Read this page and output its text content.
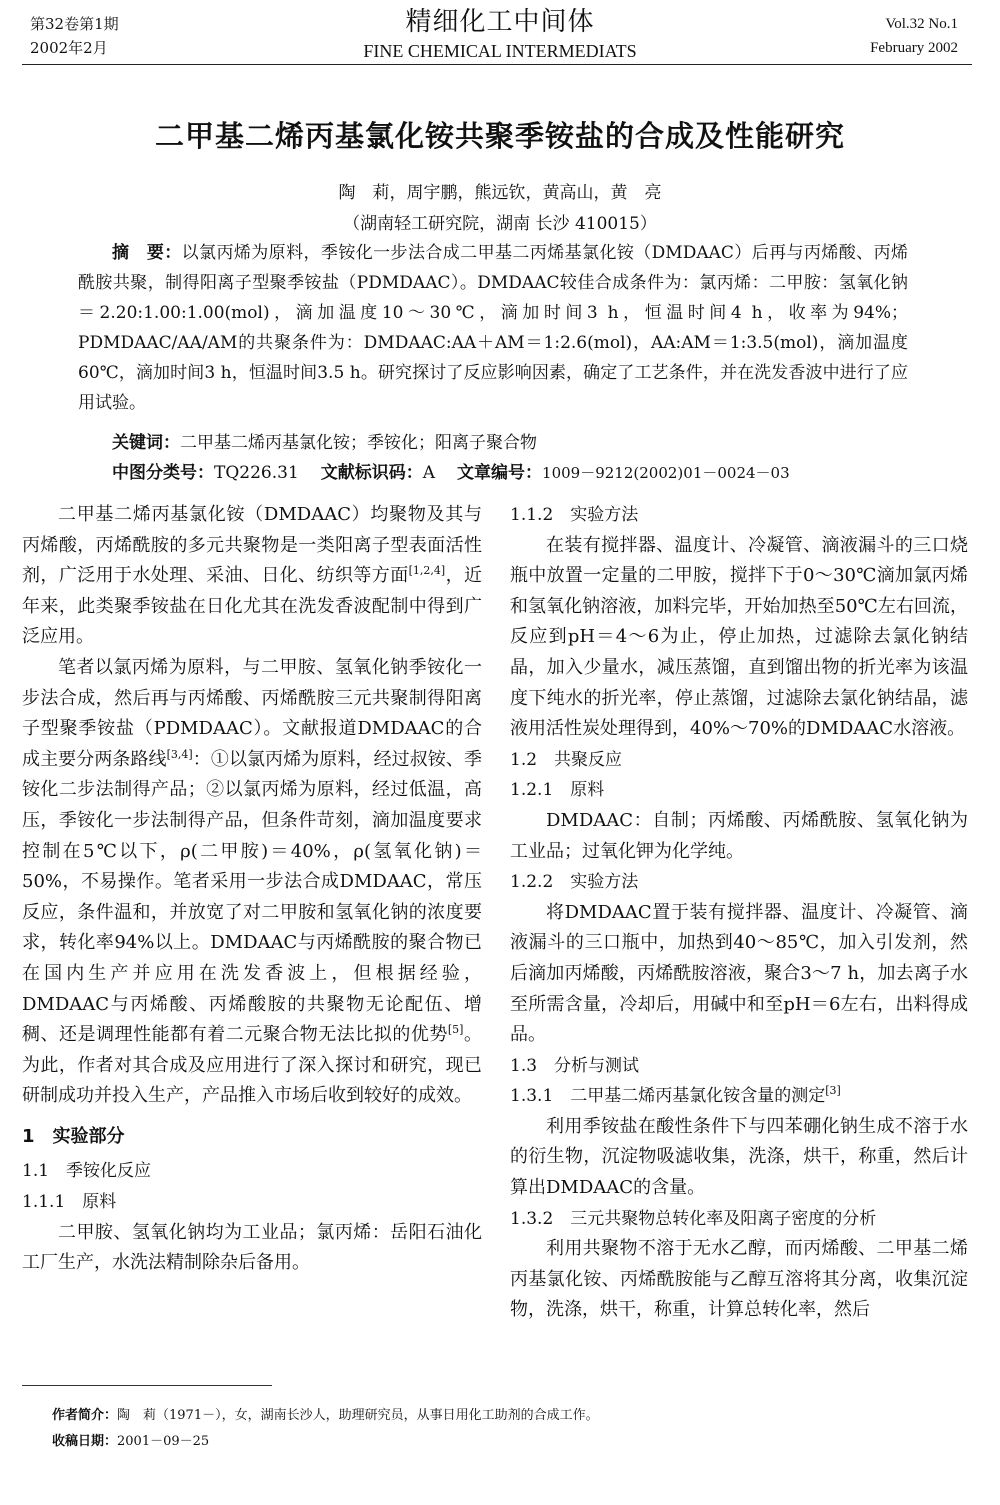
第32卷第1期
2002年2月
精细化工中间体
FINE CHEMICAL INTERMEDIATS
Vol.32 No.1
February 2002
二甲基二烯丙基氯化铵共聚季铵盐的合成及性能研究
陶　莉，周宇鹏，熊远钦，黄高山，黄　亮
（湖南轻工研究院，湖南 长沙 410015）

摘　要：以氯丙烯为原料，季铵化一步法合成二甲基二丙烯基氯化铵（DMDAAC）后再与丙烯酸、丙烯酰胺共聚，制得阳离子型聚季铵盐（PDMDAAC）。DMDAAC较佳合成条件为：氯丙烯：二甲胺：氢氧化钠＝2.20:1.00:1.00(mol)，滴加温度10～30℃，滴加时间3 h，恒温时间4 h，收率为94%；PDMDAAC/AA/AM的共聚条件为：DMDAAC:AA＋AM＝1:2.6(mol)，AA:AM＝1:3.5(mol)，滴加温度60℃，滴加时间3 h，恒温时间3.5 h。研究探讨了反应影响因素，确定了工艺条件，并在洗发香波中进行了应用试验。

关键词：二甲基二烯丙基氯化铵；季铵化；阳离子聚合物
中图分类号：TQ226.31 文献标识码：A 文章编号：1009－9212(2002)01－0024－03

二甲基二烯丙基氯化铵（DMDAAC）均聚物及其与丙烯酸，丙烯酰胺的多元共聚物是一类阳离子型表面活性剂，广泛用于水处理、采油、日化、纺织等方面[1,2,4]，近年来，此类聚季铵盐在日化尤其在洗发香波配制中得到广泛应用。

笔者以氯丙烯为原料，与二甲胺、氢氧化钠季铵化一步法合成，然后再与丙烯酸、丙烯酰胺三元共聚制得阳离子型聚季铵盐（PDMDAAC）。文献报道DMDAAC的合成主要分两条路线[3,4]：①以氯丙烯为原料，经过叔铵、季铵化二步法制得产品；②以氯丙烯为原料，经过低温，高压，季铵化一步法制得产品，但条件苛刻，滴加温度要求控制在5℃以下，ρ(二甲胺)＝40%，ρ(氢氧化钠)＝50%，不易操作。笔者采用一步法合成DMDAAC，常压反应，条件温和，并放宽了对二甲胺和氢氧化钠的浓度要求，转化率94%以上。DMDAAC与丙烯酰胺的聚合物已在国内生产并应用在洗发香波上，但根据经验，DMDAAC与丙烯酸、丙烯酸胺的共聚物无论配伍、增稠、还是调理性能都有着二元聚合物无法比拟的优势[5]。为此，作者对其合成及应用进行了深入探讨和研究，现已研制成功并投入生产，产品推入市场后收到较好的成效。

1　实验部分

1.1　季铵化反应

1.1.1　原料

二甲胺、氢氧化钠均为工业品；氯丙烯：岳阳石油化工厂生产，水洗法精制除杂后备用。

1.1.2　实验方法

在装有搅拌器、温度计、冷凝管、滴液漏斗的三口烧瓶中放置一定量的二甲胺，搅拌下于0～30℃滴加氯丙烯和氢氧化钠溶液，加料完毕，开始加热至50℃左右回流，反应到pH＝4～6为止，停止加热，过滤除去氯化钠结晶，加入少量水，减压蒸馏，直到馏出物的折光率为该温度下纯水的折光率，停止蒸馏，过滤除去氯化钠结晶，滤液用活性炭处理得到，40%～70%的DMDAAC水溶液。

1.2　共聚反应

1.2.1　原料

DMDAAC：自制；丙烯酸、丙烯酰胺、氢氧化钠为工业品；过氧化钾为化学纯。

1.2.2　实验方法

将DMDAAC置于装有搅拌器、温度计、冷凝管、滴液漏斗的三口瓶中，加热到40～85℃，加入引发剂，然后滴加丙烯酸，丙烯酰胺溶液，聚合3～7 h，加去离子水至所需含量，冷却后，用碱中和至pH＝6左右，出料得成品。

1.3　分析与测试

1.3.1　二甲基二烯丙基氯化铵含量的测定[3]

利用季铵盐在酸性条件下与四苯硼化钠生成不溶于水的衍生物，沉淀物吸滤收集，洗涤，烘干，称重，然后计算出DMDAAC的含量。

1.3.2　三元共聚物总转化率及阳离子密度的分析

利用共聚物不溶于无水乙醇，而丙烯酸、二甲基二烯丙基氯化铵、丙烯酰胺能与乙醇互溶将其分离，收集沉淀物，洗涤，烘干，称重，计算总转化率，然后

作者简介：陶　莉（1971－），女，湖南长沙人，助理研究员，从事日用化工助剂的合成工作。
收稿日期：2001－09－25
